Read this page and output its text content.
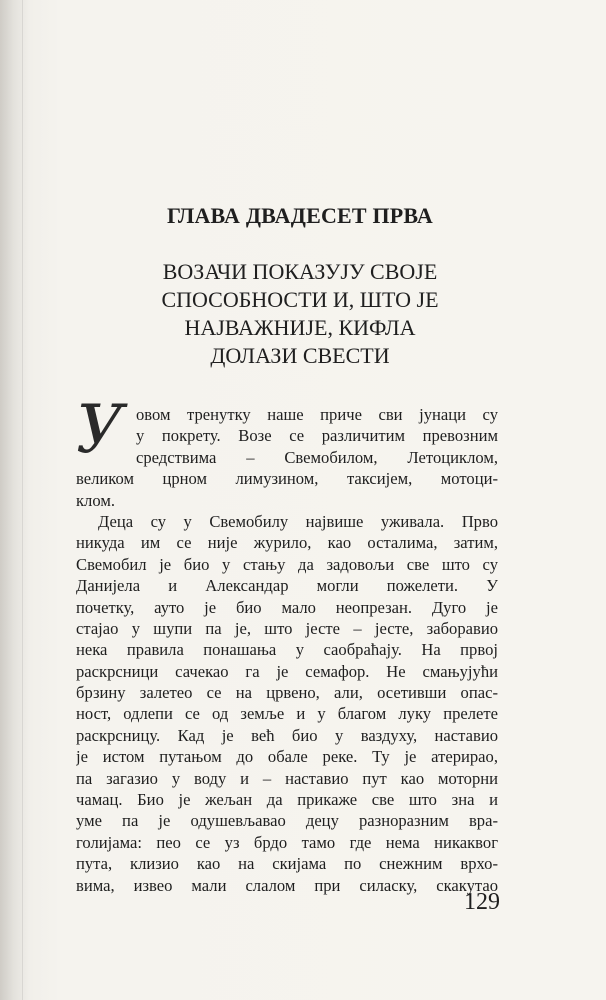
ГЛАВА ДВАДЕСЕТ ПРВА
ВОЗАЧИ ПОКАЗУЈУ СВОЈЕ
СПОСОБНОСТИ И, ШТО ЈЕ
НАЈВАЖНИЈЕ, КИФЛА
ДОЛАЗИ СВЕСТИ
У овом тренутку наше приче сви јунаци су
у покрету. Возе се различитим превозним
средствима – Свемобилом, Летоциклом,
великом црном лимузином, таксијем, мотоци-
клом.
Деца су у Свемобилу највише уживала. Прво
никуда им се није журило, као осталима, затим,
Свемобил је био у стању да задовољи све што су
Данијела и Александар могли пожелети. У
почетку, ауто је био мало неопрезан. Дуго је
стајао у шупи па је, што јесте – јесте, заборавио
нека правила понашања у саобраћају. На првој
раскрсници сачекао га је семафор. Не смањујући
брзину залетео се на црвено, али, осетивши опас-
ност, одлепи се од земље и у благом луку прелете
раскрсницу. Кад је већ био у ваздуху, наставио
је истом путањом до обале реке. Ту је атерирао,
па загазио у воду и – наставио пут као моторни
чамац. Био је жељан да прикаже све што зна и
уме па је одушевљавао децу разноразним вра-
голијама: пео се уз брдо тамо где нема никаквог
пута, клизио као на скијама по снежним врхо-
вима, извео мали слалом при силаску, скакутао

129
